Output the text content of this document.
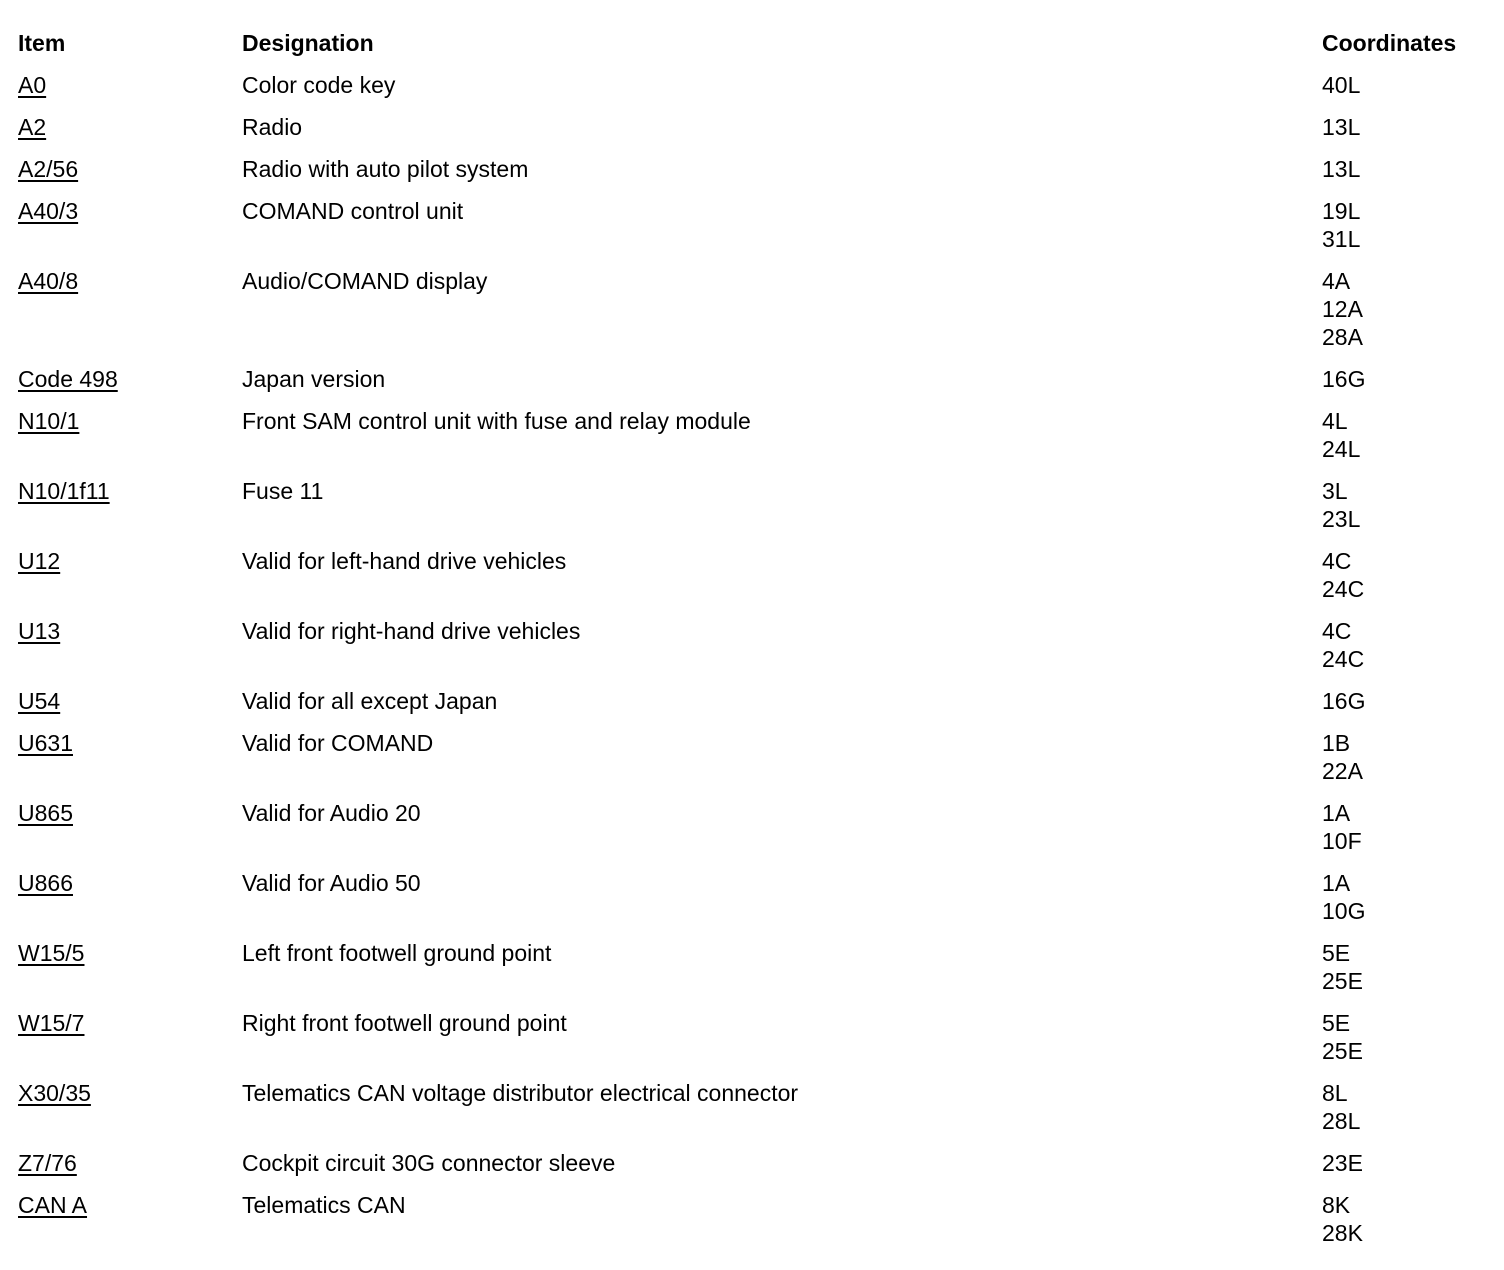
Item	Designation	Coordinates
A0	Color code key	40L

A2	Radio	13L

A2/56	Radio with auto pilot system	13L

A40/3	COMAND control unit	19L
31L

A40/8	Audio/COMAND display	4A
12A
28A

Code 498	Japan version	16G

N10/1	Front SAM control unit with fuse and relay module	4L
24L

N10/1f11	Fuse 11	3L
23L

U12	Valid for left-hand drive vehicles	4C
24C

U13	Valid for right-hand drive vehicles	4C
24C

U54	Valid for all except Japan	16G

U631	Valid for COMAND	1B
22A

U865	Valid for Audio 20	1A
10F

U866	Valid for Audio 50	1A
10G

W15/5	Left front footwell ground point	5E
25E

W15/7	Right front footwell ground point	5E
25E

X30/35	Telematics CAN voltage distributor electrical connector	8L
28L

Z7/76	Cockpit circuit 30G connector sleeve	23E

CAN A	Telematics CAN	8K
28K
